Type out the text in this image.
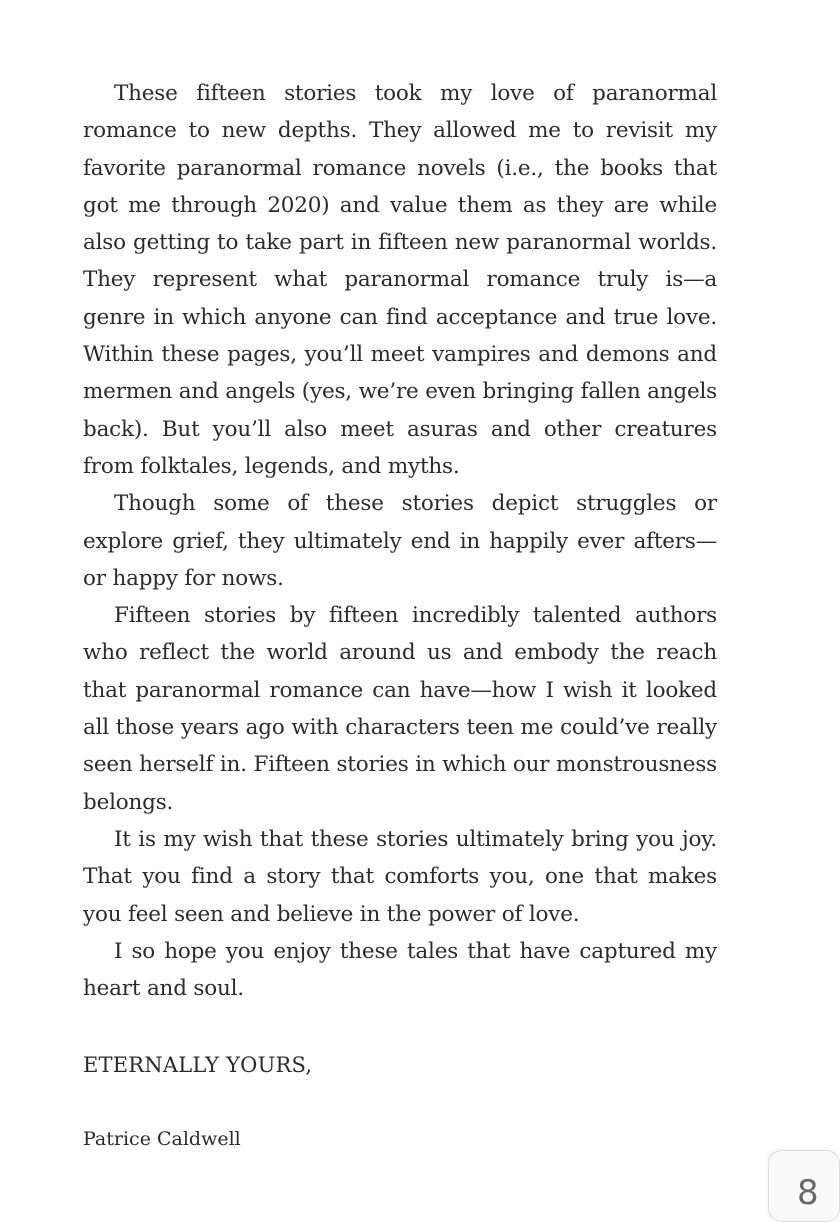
These fifteen stories took my love of paranormal romance to new depths. They allowed me to revisit my favorite paranormal romance novels (i.e., the books that got me through 2020) and value them as they are while also getting to take part in fifteen new paranormal worlds. They represent what paranormal romance truly is—a genre in which anyone can find acceptance and true love. Within these pages, you’ll meet vampires and demons and mermen and angels (yes, we’re even bringing fallen angels back). But you’ll also meet asuras and other creatures from folktales, legends, and myths.

Though some of these stories depict struggles or explore grief, they ultimately end in happily ever afters—or happy for nows.

Fifteen stories by fifteen incredibly talented authors who reflect the world around us and embody the reach that paranormal romance can have—how I wish it looked all those years ago with characters teen me could’ve really seen herself in. Fifteen stories in which our monstrousness belongs.

It is my wish that these stories ultimately bring you joy. That you find a story that comforts you, one that makes you feel seen and believe in the power of love.

I so hope you enjoy these tales that have captured my heart and soul.

ETERNALLY YOURS,

Patrice Caldwell

8
